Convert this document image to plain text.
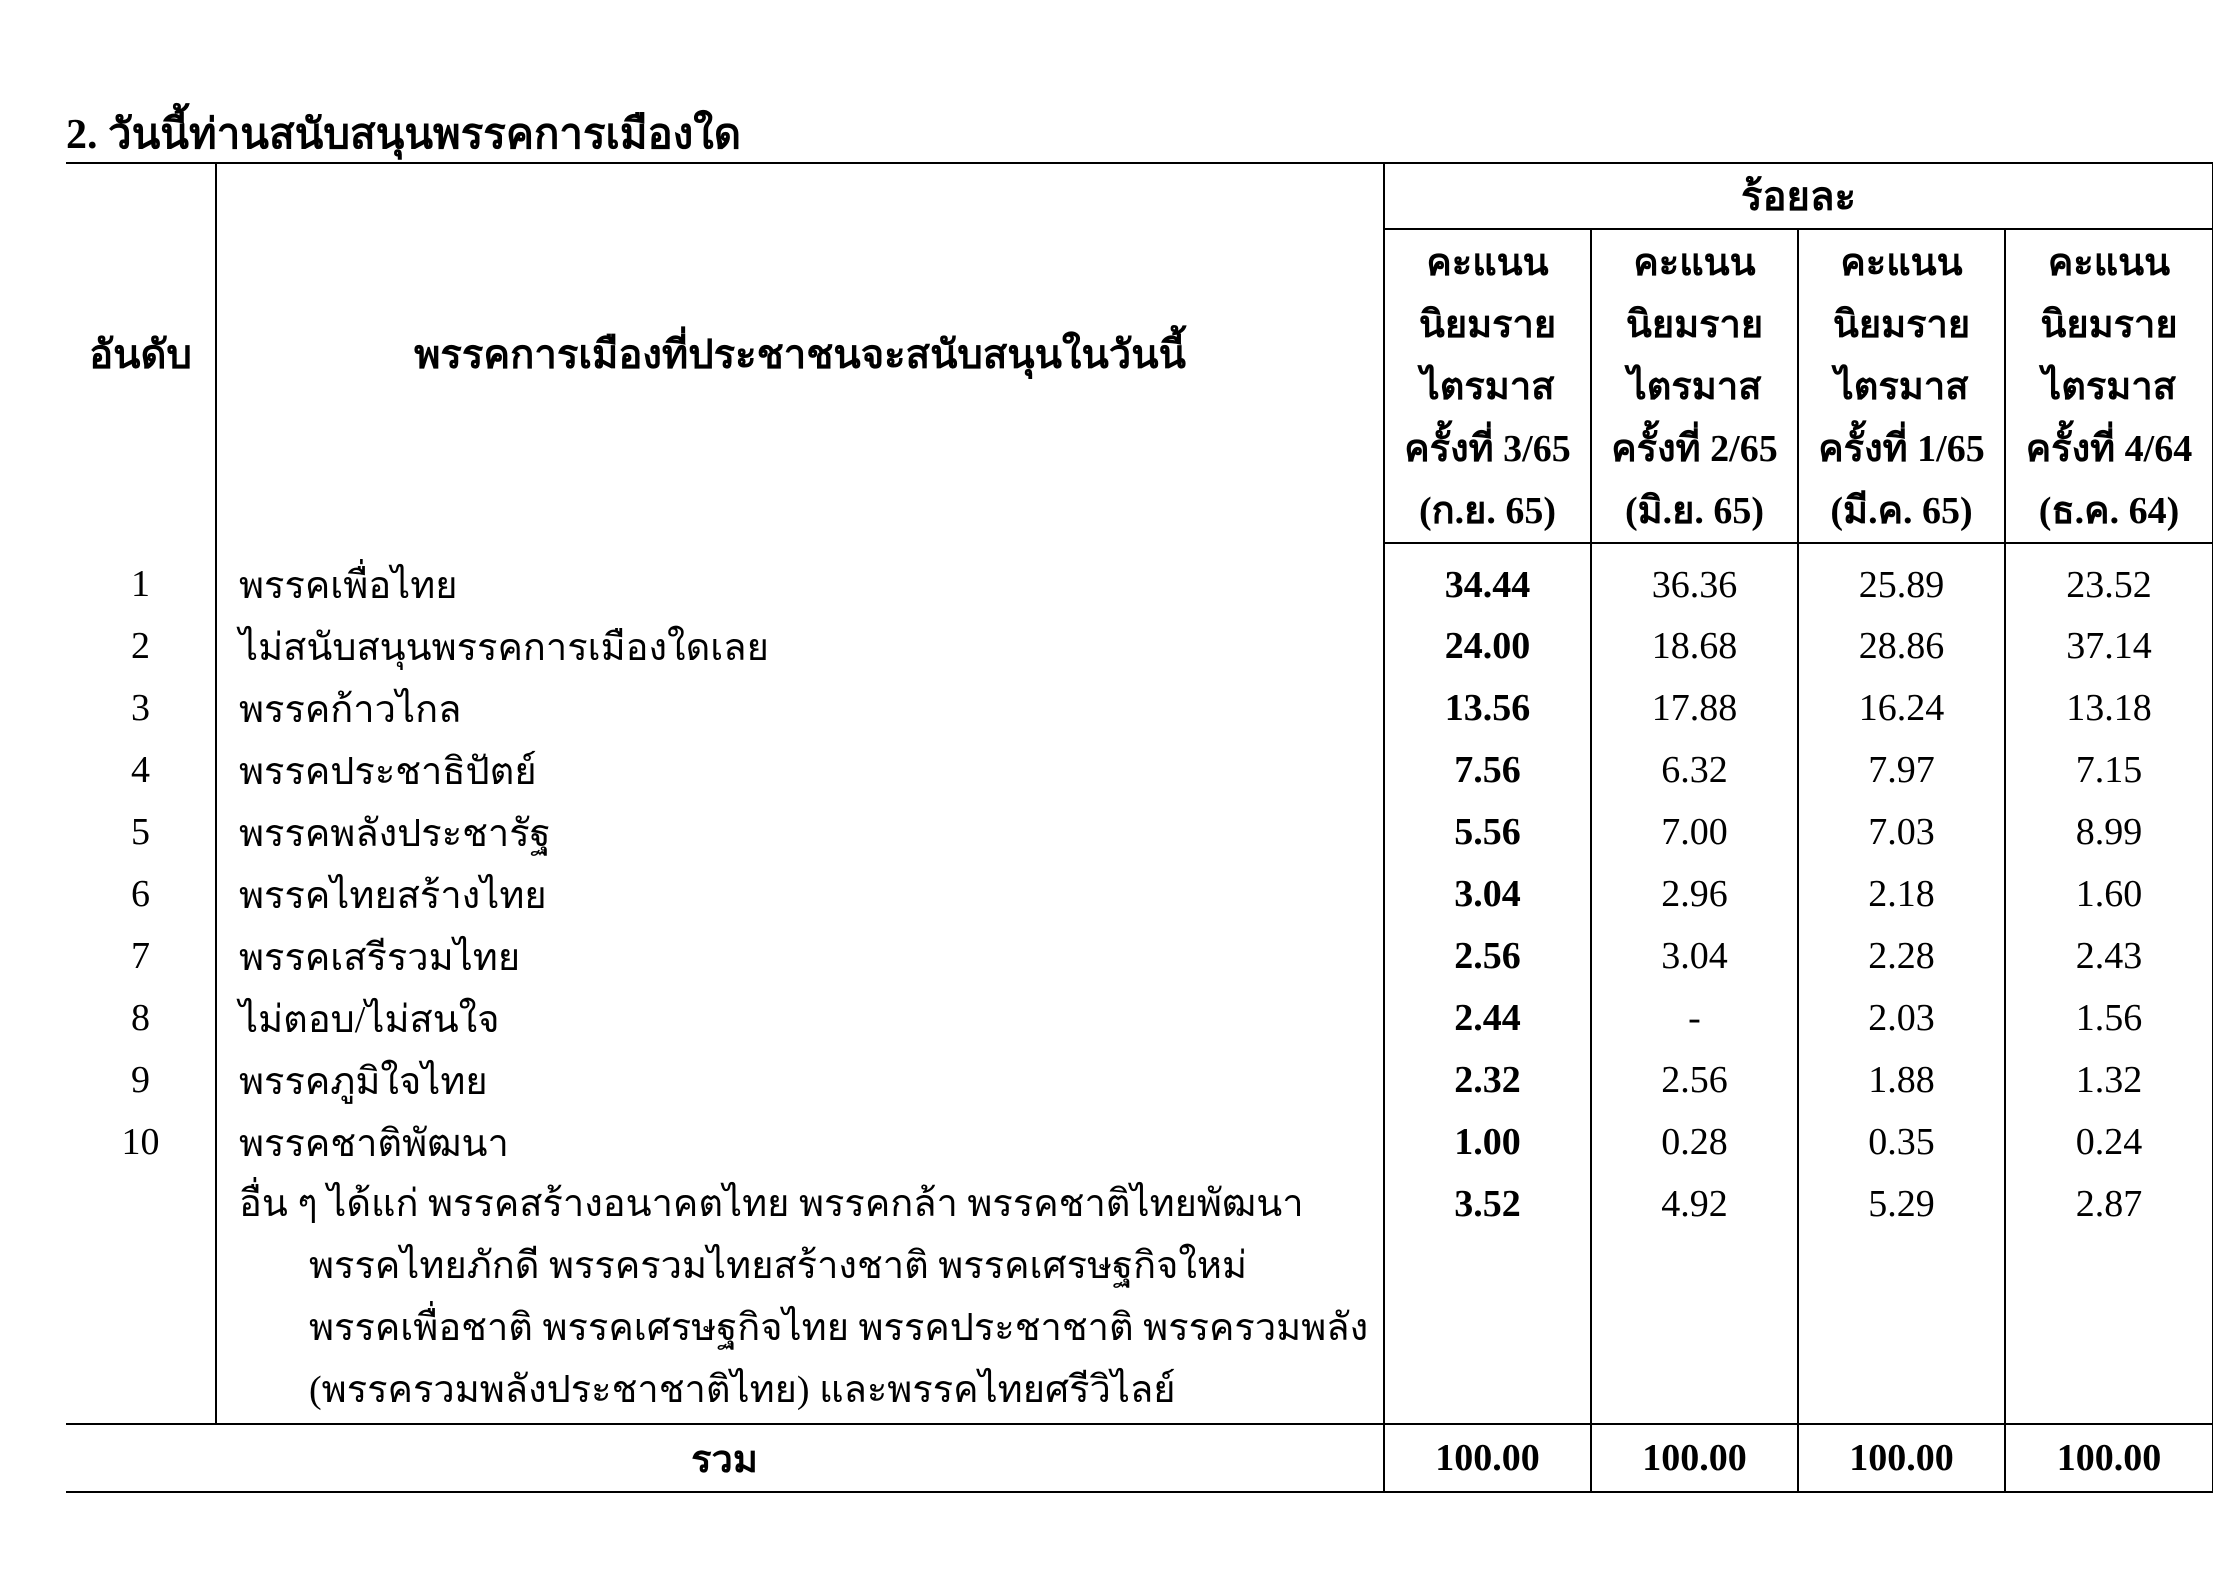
2. วันนี้ท่านสนับสนุนพรรคการเมืองใด
อันดับ	พรรคการเมืองที่ประชาชนจะสนับสนุนในวันนี้	ร้อยละ			

		คะแนน
นิยมราย
ไตรมาส
ครั้งที่ 3/65
(ก.ย. 65)	คะแนน
นิยมราย
ไตรมาส
ครั้งที่ 2/65
(มิ.ย. 65)	คะแนน
นิยมราย
ไตรมาส
ครั้งที่ 1/65
(มี.ค. 65)	คะแนน
นิยมราย
ไตรมาส
ครั้งที่ 4/64
(ธ.ค. 64)

1	พรรคเพื่อไทย	34.44	36.36	25.89	23.52
2	ไม่สนับสนุนพรรคการเมืองใดเลย	24.00	18.68	28.86	37.14
3	พรรคก้าวไกล	13.56	17.88	16.24	13.18
4	พรรคประชาธิปัตย์	7.56	6.32	7.97	7.15
5	พรรคพลังประชารัฐ	5.56	7.00	7.03	8.99
6	พรรคไทยสร้างไทย	3.04	2.96	2.18	1.60
7	พรรคเสรีรวมไทย	2.56	3.04	2.28	2.43
8	ไม่ตอบ/ไม่สนใจ	2.44	-	2.03	1.56
9	พรรคภูมิใจไทย	2.32	2.56	1.88	1.32
10	พรรคชาติพัฒนา	1.00	0.28	0.35	0.24

	อื่น ๆ ได้แก่ พรรคสร้างอนาคตไทย พรรคกล้า พรรคชาติไทยพัฒนา
พรรคไทยภักดี พรรครวมไทยสร้างชาติ พรรคเศรษฐกิจใหม่
พรรคเพื่อชาติ พรรคเศรษฐกิจไทย พรรคประชาชาติ พรรครวมพลัง
(พรรครวมพลังประชาชาติไทย) และพรรคไทยศรีวิไลย์	3.52	4.92	5.29	2.87
รวม		100.00	100.00	100.00	100.00
